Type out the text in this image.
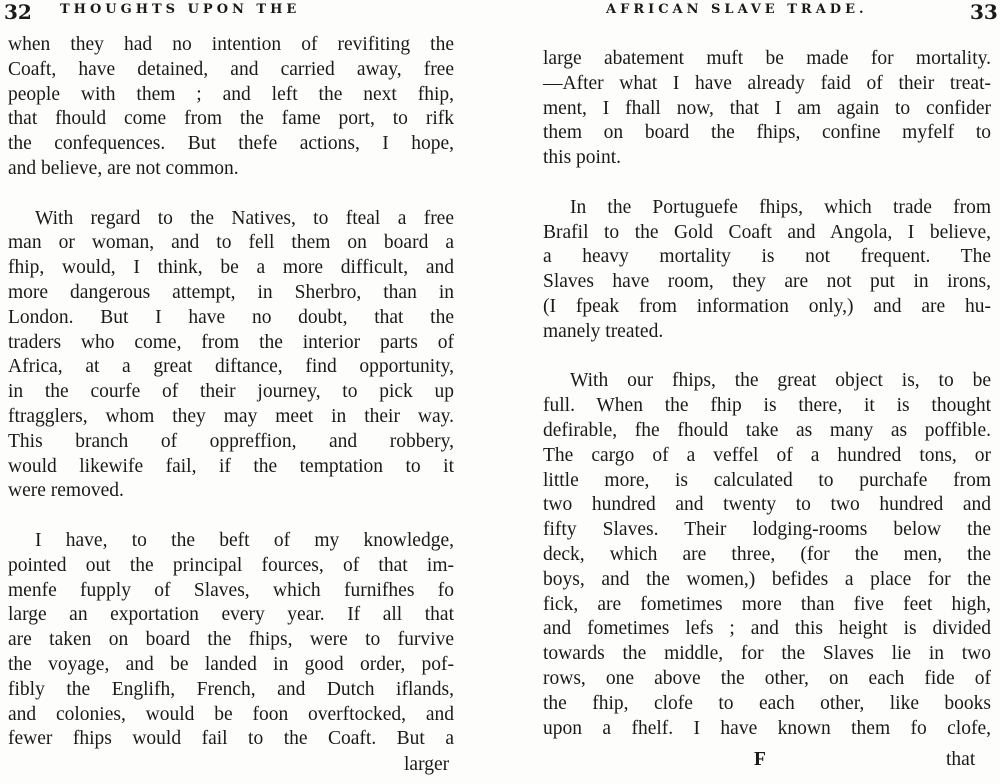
32 THOUGHTS UPON THE
when they had no intention of revifiting the
Coaft, have detained, and carried away, free
people with them ; and left the next fhip,
that fhould come from the fame port, to rifk
the confequences. But thefe actions, I hope,
and believe, are not common.
With regard to the Natives, to fteal a free
man or woman, and to fell them on board a
fhip, would, I think, be a more difficult, and
more dangerous attempt, in Sherbro, than in
London. But I have no doubt, that the
traders who come, from the interior parts of
Africa, at a great diftance, find opportunity,
in the courfe of their journey, to pick up
ftragglers, whom they may meet in their way.
This branch of oppreffion, and robbery,
would likewife fail, if the temptation to it
were removed.
I have, to the beft of my knowledge,
pointed out the principal fources, of that im-
menfe fupply of Slaves, which furnifhes fo
large an exportation every year. If all that
are taken on board the fhips, were to furvive
the voyage, and be landed in good order, pof-
fibly the Englifh, French, and Dutch iflands,
and colonies, would be foon overftocked, and
fewer fhips would fail to the Coaft. But a
larger
AFRICAN SLAVE TRADE.	33
large abatement muft be made for mortality.
—After what I have already faid of their treat-
ment, I fhall now, that I am again to confider
them on board the fhips, confine myfelf to
this point.
In the Portuguefe fhips, which trade from
Brafil to the Gold Coaft and Angola, I believe,
a heavy mortality is not frequent. The
Slaves have room, they are not put in irons,
(I fpeak from information only,) and are hu-
manely treated.
With our fhips, the great object is, to be
full. When the fhip is there, it is thought
defirable, fhe fhould take as many as poffible.
The cargo of a veffel of a hundred tons, or
little more, is calculated to purchafe from
two hundred and twenty to two hundred and
fifty Slaves. Their lodging-rooms below the
deck, which are three, (for the men, the
boys, and the women,) befides a place for the
fick, are fometimes more than five feet high,
and fometimes lefs ; and this height is divided
towards the middle, for the Slaves lie in two
rows, one above the other, on each fide of
the fhip, clofe to each other, like books
upon a fhelf. I have known them fo clofe,
F	that
